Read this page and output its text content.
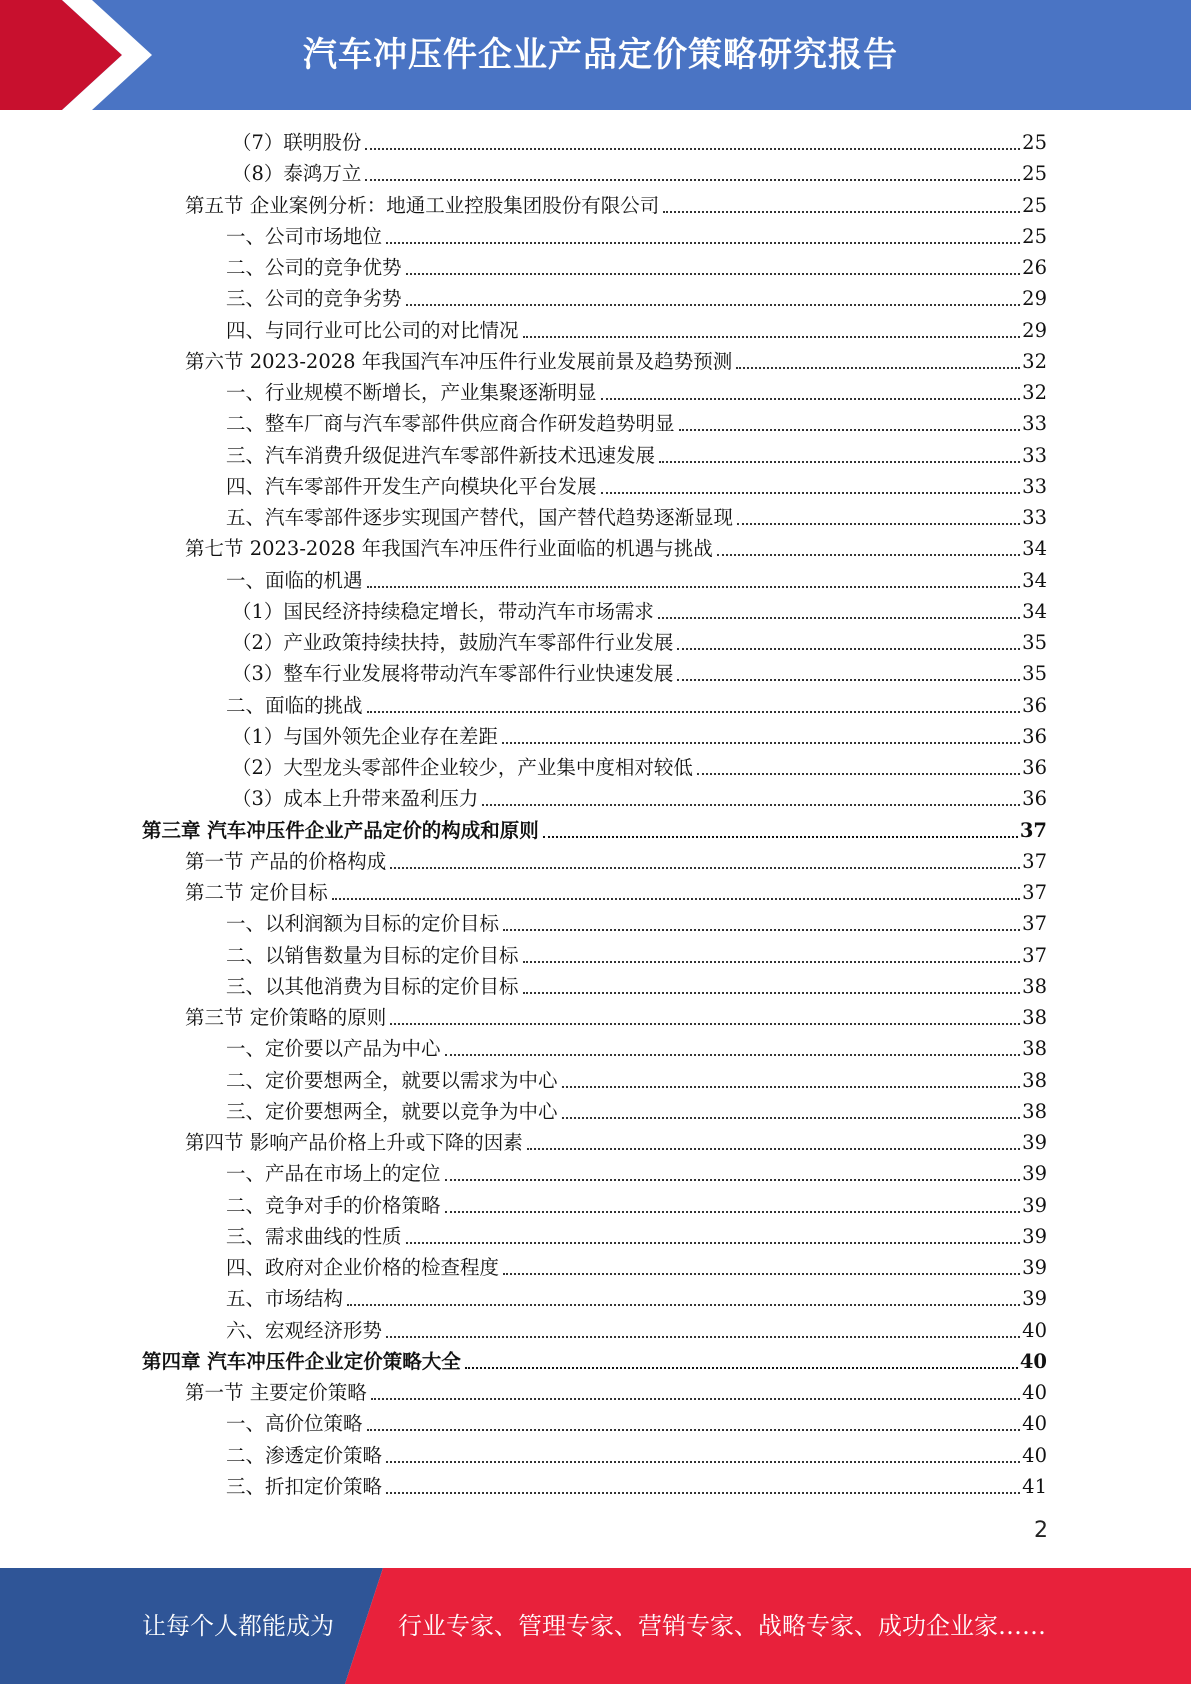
汽车冲压件企业产品定价策略研究报告
（7）联明股份	25
（8）泰鸿万立	25
第五节 企业案例分析：地通工业控股集团股份有限公司	25
一、公司市场地位	25
二、公司的竞争优势	26
三、公司的竞争劣势	29
四、与同行业可比公司的对比情况	29
第六节 2023-2028 年我国汽车冲压件行业发展前景及趋势预测	32
一、行业规模不断增长，产业集聚逐渐明显	32
二、整车厂商与汽车零部件供应商合作研发趋势明显	33
三、汽车消费升级促进汽车零部件新技术迅速发展	33
四、汽车零部件开发生产向模块化平台发展	33
五、汽车零部件逐步实现国产替代，国产替代趋势逐渐显现	33
第七节 2023-2028 年我国汽车冲压件行业面临的机遇与挑战	34
一、面临的机遇	34
（1）国民经济持续稳定增长，带动汽车市场需求	34
（2）产业政策持续扶持，鼓励汽车零部件行业发展	35
（3）整车行业发展将带动汽车零部件行业快速发展	35
二、面临的挑战	36
（1）与国外领先企业存在差距	36
（2）大型龙头零部件企业较少，产业集中度相对较低	36
（3）成本上升带来盈利压力	36
第三章 汽车冲压件企业产品定价的构成和原则	37
第一节 产品的价格构成	37
第二节 定价目标	37
一、以利润额为目标的定价目标	37
二、以销售数量为目标的定价目标	37
三、以其他消费为目标的定价目标	38
第三节 定价策略的原则	38
一、定价要以产品为中心	38
二、定价要想两全，就要以需求为中心	38
三、定价要想两全，就要以竞争为中心	38
第四节 影响产品价格上升或下降的因素	39
一、产品在市场上的定位	39
二、竞争对手的价格策略	39
三、需求曲线的性质	39
四、政府对企业价格的检查程度	39
五、市场结构	39
六、宏观经济形势	40
第四章 汽车冲压件企业定价策略大全	40
第一节 主要定价策略	40
一、高价位策略	40
二、渗透定价策略	40
三、折扣定价策略	41
2
让每个人都能成为	行业专家、管理专家、营销专家、战略专家、成功企业家……
